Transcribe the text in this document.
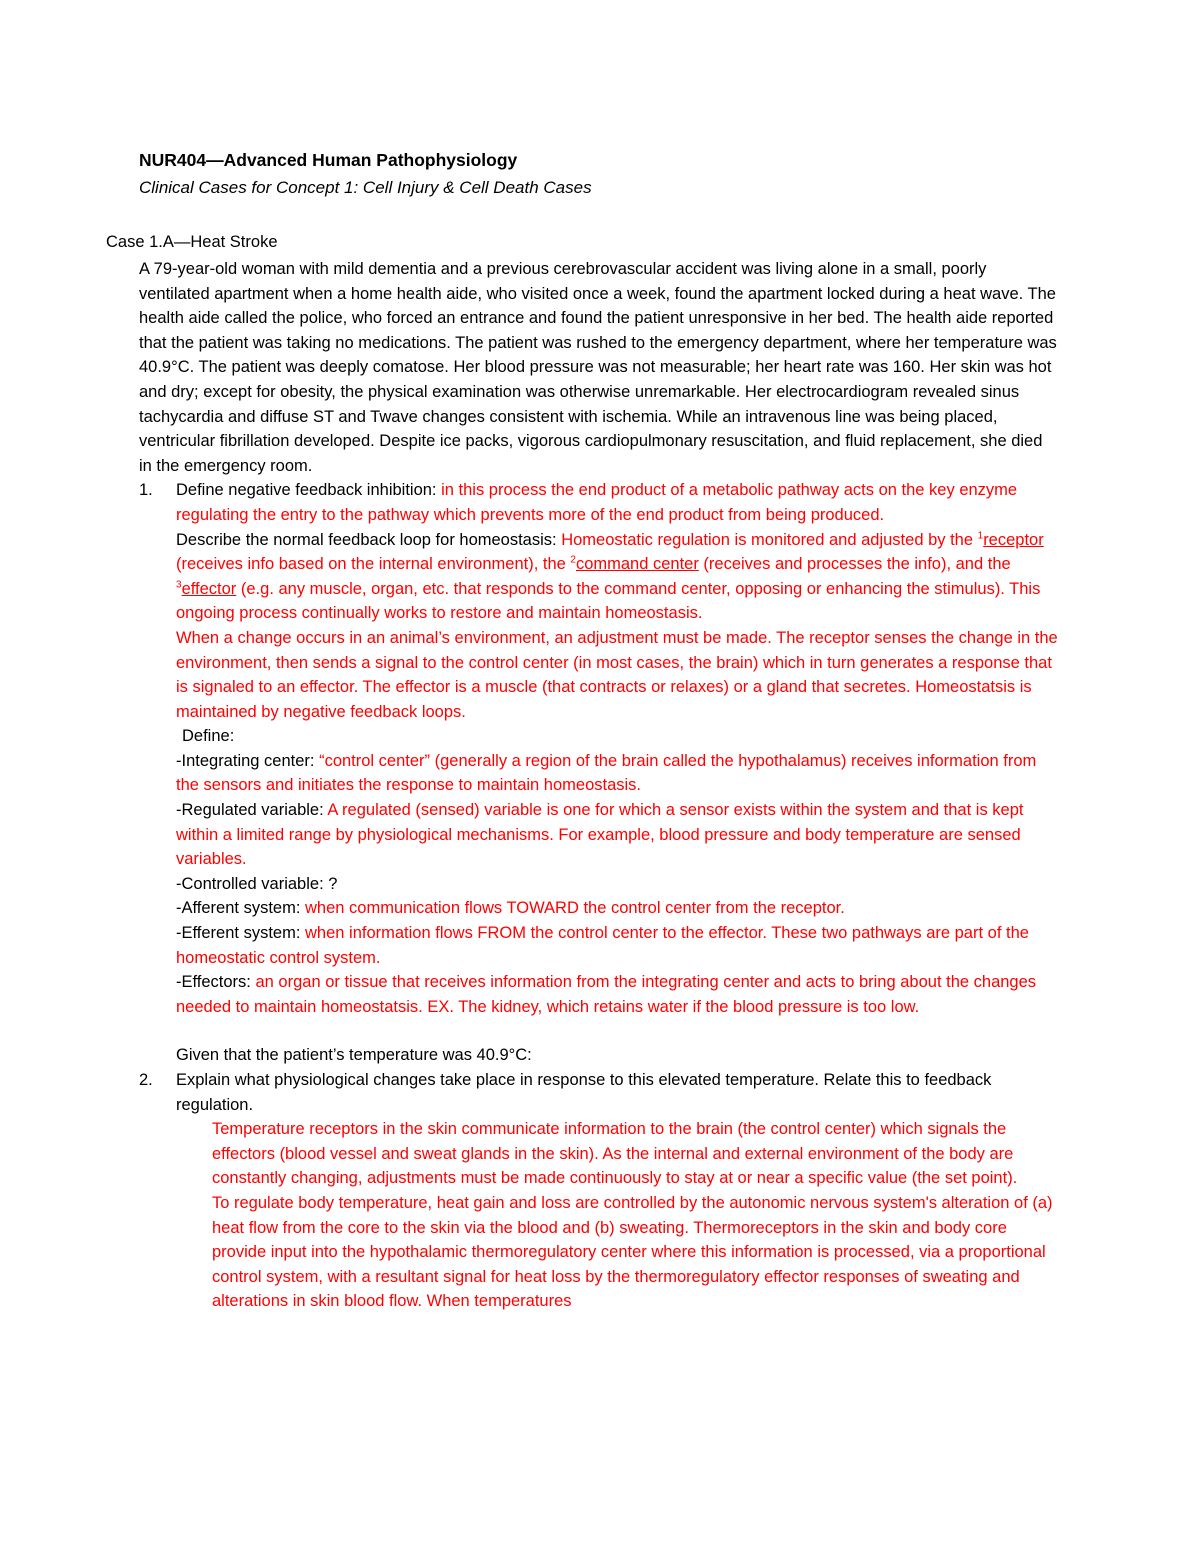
NUR404—Advanced Human Pathophysiology
Clinical Cases for Concept 1: Cell Injury & Cell Death Cases
Case 1.A—Heat Stroke

A 79-year-old woman with mild dementia and a previous cerebrovascular accident was living alone in a small, poorly ventilated apartment when a home health aide, who visited once a week, found the apartment locked during a heat wave. The health aide called the police, who forced an entrance and found the patient unresponsive in her bed. The health aide reported that the patient was taking no medications. The patient was rushed to the emergency department, where her temperature was 40.9°C. The patient was deeply comatose. Her blood pressure was not measurable; her heart rate was 160. Her skin was hot and dry; except for obesity, the physical examination was otherwise unremarkable. Her electrocardiogram revealed sinus tachycardia and diffuse ST and Twave changes consistent with ischemia. While an intravenous line was being placed, ventricular fibrillation developed. Despite ice packs, vigorous cardiopulmonary resuscitation, and fluid replacement, she died in the emergency room.

1. Define negative feedback inhibition: in this process the end product of a metabolic pathway acts on the key enzyme regulating the entry to the pathway which prevents more of the end product from being produced.
Describe the normal feedback loop for homeostasis: Homeostatic regulation is monitored and adjusted by the $^1$receptor (receives info based on the internal environment), the $^2$command center (receives and processes the info), and the $^3$effector (e.g. any muscle, organ, etc. that responds to the command center, opposing or enhancing the stimulus). This ongoing process continually works to restore and maintain homeostasis.
When a change occurs in an animal’s environment, an adjustment must be made. The receptor senses the change in the environment, then sends a signal to the control center (in most cases, the brain) which in turn generates a response that is signaled to an effector. The effector is a muscle (that contracts or relaxes) or a gland that secretes. Homeostatsis is maintained by negative feedback loops.
Define:
-Integrating center: “control center” (generally a region of the brain called the hypothalamus) receives information from the sensors and initiates the response to maintain homeostasis.
-Regulated variable: A regulated (sensed) variable is one for which a sensor exists within the system and that is kept within a limited range by physiological mechanisms. For example, blood pressure and body temperature are sensed variables.
-Controlled variable: ?
-Afferent system: when communication flows TOWARD the control center from the receptor.
-Efferent system: when information flows FROM the control center to the effector. These two pathways are part of the homeostatic control system.
-Effectors: an organ or tissue that receives information from the integrating center and acts to bring about the changes needed to maintain homeostatsis. EX. The kidney, which retains water if the blood pressure is too low.
Given that the patient’s temperature was 40.9°C:
2. Explain what physiological changes take place in response to this elevated temperature. Relate this to feedback regulation.
Temperature receptors in the skin communicate information to the brain (the control center) which signals the effectors (blood vessel and sweat glands in the skin). As the internal and external environment of the body are constantly changing, adjustments must be made continuously to stay at or near a specific value (the set point).
To regulate body temperature, heat gain and loss are controlled by the autonomic nervous system's alteration of (a) heat flow from the core to the skin via the blood and (b) sweating. Thermoreceptors in the skin and body core provide input into the hypothalamic thermoregulatory center where this information is processed, via a proportional control system, with a resultant signal for heat loss by the thermoregulatory effector responses of sweating and alterations in skin blood flow. When temperatures
